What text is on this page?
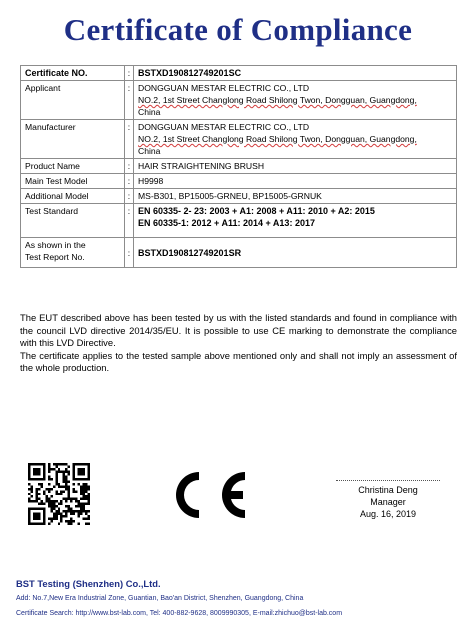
Certificate of Compliance
Certificate NO.	:	BSTXD190812749201SC
Applicant	:	DONGGUAN MESTAR ELECTRIC CO., LTD
NO.2, 1st Street Changlong Road Shilong Twon, Dongguan, Guangdong,
China

Manufacturer	:	DONGGUAN MESTAR ELECTRIC CO., LTD
NO.2, 1st Street Changlong Road Shilong Twon, Dongguan, Guangdong,
China

Product Name	:	HAIR STRAIGHTENING BRUSH
Main Test Model	:	H9998
Additional Model	:	MS-B301, BP15005-GRNEU, BP15005-GRNUK
Test Standard	:	EN 60335- 2- 23: 2003 + A1: 2008 + A11: 2010 + A2: 2015
EN 60335-1: 2012 + A11: 2014 + A13: 2017

As shown in the
Test Report No.	:	BSTXD190812749201SR

The EUT described above has been tested by us with the listed standards and found in compliance with the council LVD directive 2014/35/EU. It is possible to use CE marking to demonstrate the compliance with this LVD Directive.

The certificate applies to the tested sample above mentioned only and shall not imply an assessment of the whole production.

Christina Deng
Manager
Aug. 16, 2019
BST Testing (Shenzhen) Co.,Ltd.
Add: No.7,New Era Industrial Zone, Guantian, Bao'an District, Shenzhen, Guangdong, China
Certificate Search: http://www.bst-lab.com, Tel: 400-882-9628, 8009990305, E-mail:zhichuo@bst-lab.com
